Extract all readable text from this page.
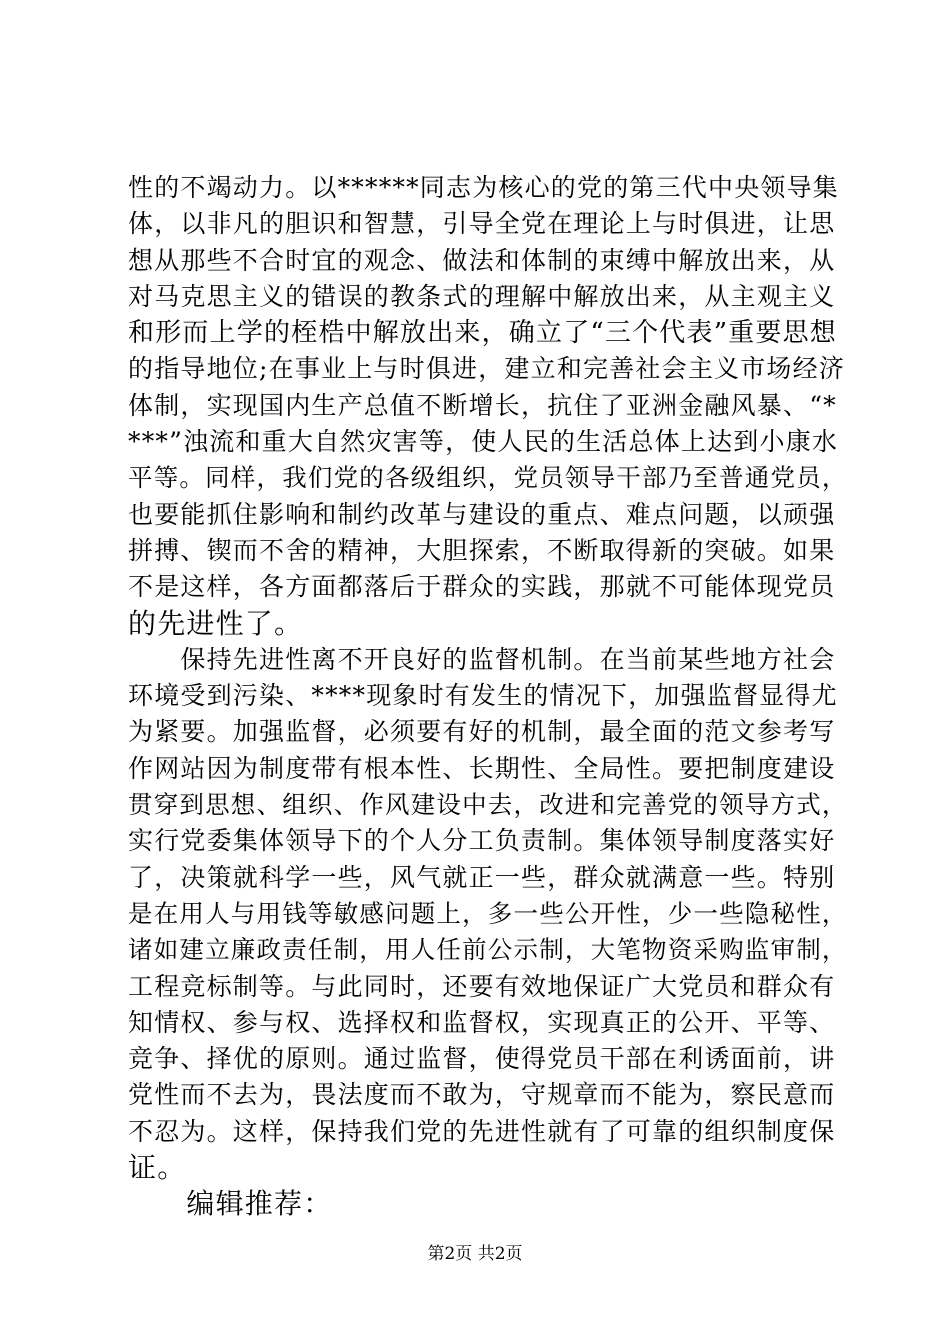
性的不竭动力。以******同志为核心的党的第三代中央领导集
体，以非凡的胆识和智慧，引导全党在理论上与时俱进，让思
想从那些不合时宜的观念、做法和体制的束缚中解放出来，从
对马克思主义的错误的教条式的理解中解放出来，从主观主义
和形而上学的桎梏中解放出来，确立了“三个代表”重要思想
的指导地位;在事业上与时俱进，建立和完善社会主义市场经济
体制，实现国内生产总值不断增长，抗住了亚洲金融风暴、“*
***”浊流和重大自然灾害等，使人民的生活总体上达到小康水
平等。同样，我们党的各级组织，党员领导干部乃至普通党员，
也要能抓住影响和制约改革与建设的重点、难点问题，以顽强
拼搏、锲而不舍的精神，大胆探索，不断取得新的突破。如果
不是这样，各方面都落后于群众的实践，那就不可能体现党员
的先进性了。
　　保持先进性离不开良好的监督机制。在当前某些地方社会
环境受到污染、****现象时有发生的情况下，加强监督显得尤
为紧要。加强监督，必须要有好的机制，最全面的范文参考写
作网站因为制度带有根本性、长期性、全局性。要把制度建设
贯穿到思想、组织、作风建设中去，改进和完善党的领导方式，
实行党委集体领导下的个人分工负责制。集体领导制度落实好
了，决策就科学一些，风气就正一些，群众就满意一些。特别
是在用人与用钱等敏感问题上，多一些公开性，少一些隐秘性，
诸如建立廉政责任制，用人任前公示制，大笔物资采购监审制，
工程竞标制等。与此同时，还要有效地保证广大党员和群众有
知情权、参与权、选择权和监督权，实现真正的公开、平等、
竞争、择优的原则。通过监督，使得党员干部在利诱面前，讲
党性而不去为，畏法度而不敢为，守规章而不能为，察民意而
不忍为。这样，保持我们党的先进性就有了可靠的组织制度保
证。
　　编辑推荐：
第2页 共2页
